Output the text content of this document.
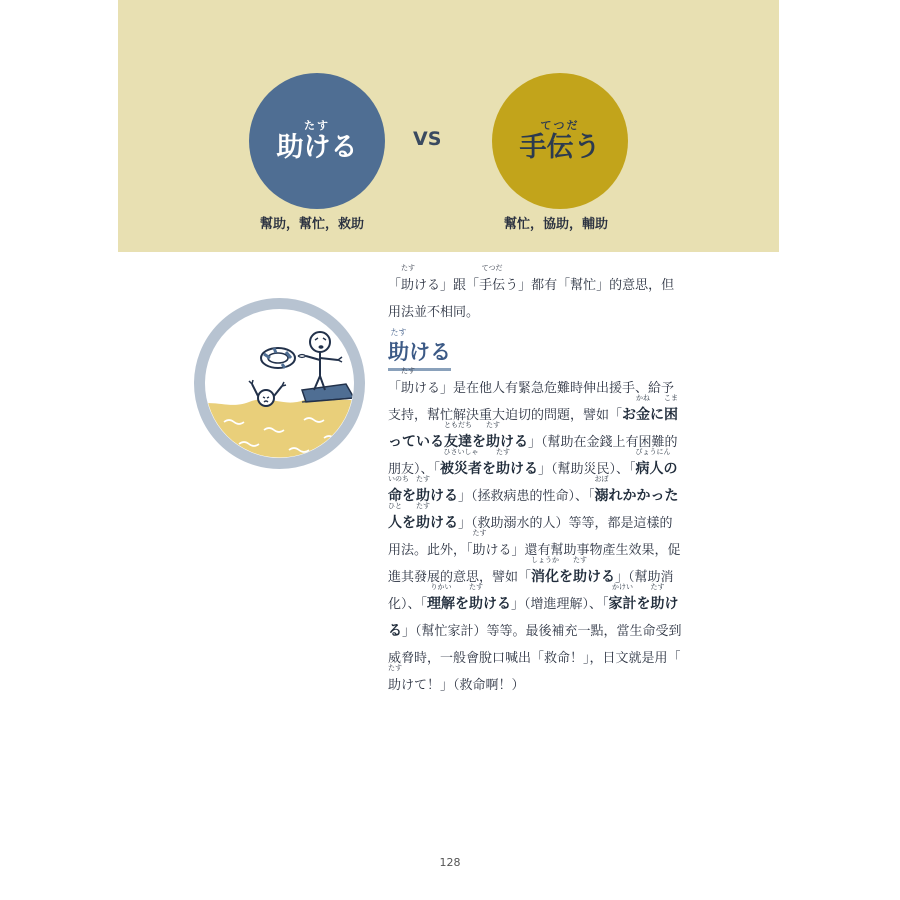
たす
助ける	VS
てつだ
手伝う
幫助，幫忙，救助	幫忙，協助，輔助

「助
たす
ける」跟「手伝
てつだ
う」都有「幫忙」的意思，但用法並不相同。

助
たす
ける

「助
たす
ける」是在他人有緊急危難時伸出援手、給予支持，幫忙解決重大迫切的問題，譬如「お金
かね
に困
こま
っている友達
ともだち
を助
たす
ける」（幫助在金錢上有困難的朋友）、「被災者
ひさいしゃ
を助
たす
ける」（幫助災民）、「病人
びょうにん
の命
いのち
を助
たす
ける」（拯救病患的性命）、「溺
おぼ
れかかった人
ひと
を助
たす
ける」（救助溺水的人）等等，都是這樣的用法。此外，「助
たす
ける」還有幫助事物產生效果，促進其發展的意思，譬如「消化
しょうか
を助
たす
ける」（幫助消化）、「理解
りかい
を助
たす
ける」（增進理解）、「家計
かけい
を助
たす
ける」（幫忙家計）等等。最後補充一點，當生命受到威脅時，一般會脫口喊出「救命！」，日文就是用「助
たす
けて！」（救命啊！）

128
